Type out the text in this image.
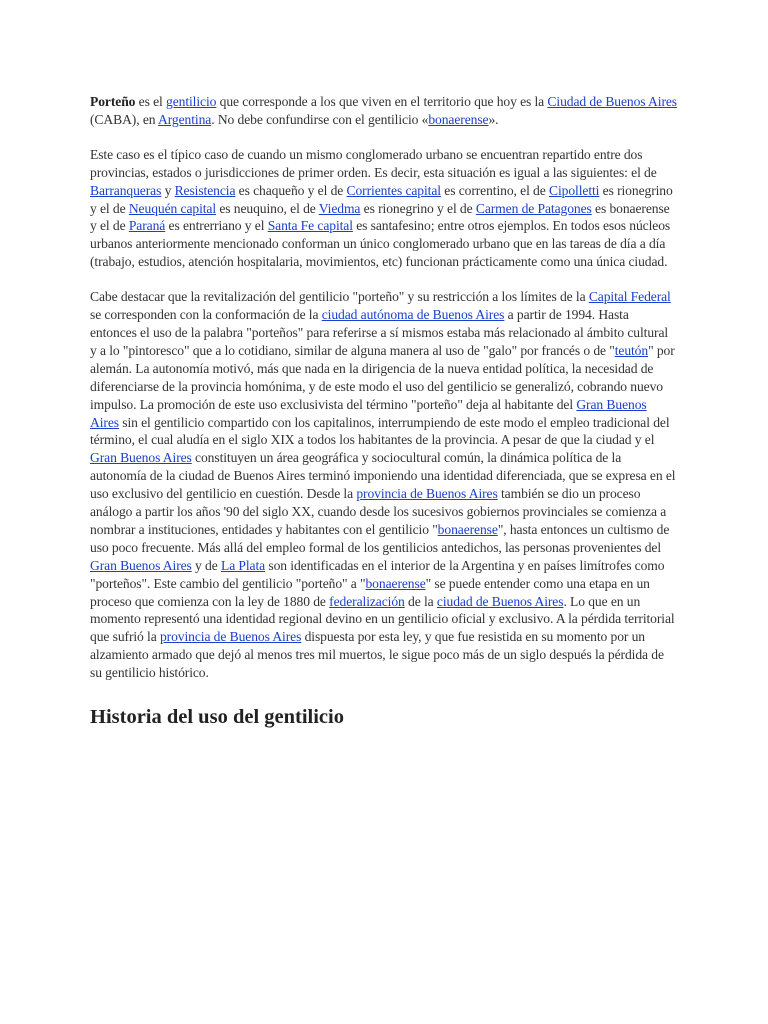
Porteño es el gentilicio que corresponde a los que viven en el territorio que hoy es la Ciudad de Buenos Aires (CABA), en Argentina. No debe confundirse con el gentilicio «bonaerense».

Este caso es el típico caso de cuando un mismo conglomerado urbano se encuentran repartido entre dos provincias, estados o jurisdicciones de primer orden. Es decir, esta situación es igual a las siguientes: el de Barranqueras y Resistencia es chaqueño y el de Corrientes capital es correntino, el de Cipolletti es rionegrino y el de Neuquén capital es neuquino, el de Viedma es rionegrino y el de Carmen de Patagones es bonaerense y el de Paraná es entrerriano y el Santa Fe capital es santafesino; entre otros ejemplos. En todos esos núcleos urbanos anteriormente mencionado conforman un único conglomerado urbano que en las tareas de día a día (trabajo, estudios, atención hospitalaria, movimientos, etc) funcionan prácticamente como una única ciudad.

Cabe destacar que la revitalización del gentilicio "porteño" y su restricción a los límites de la Capital Federal se corresponden con la conformación de la ciudad autónoma de Buenos Aires a partir de 1994. Hasta entonces el uso de la palabra "porteños" para referirse a sí mismos estaba más relacionado al ámbito cultural y a lo "pintoresco" que a lo cotidiano, similar de alguna manera al uso de "galo" por francés o de "teutón" por alemán. La autonomía motivó, más que nada en la dirigencia de la nueva entidad política, la necesidad de diferenciarse de la provincia homónima, y de este modo el uso del gentilicio se generalizó, cobrando nuevo impulso. La promoción de este uso exclusivista del término "porteño" deja al habitante del Gran Buenos Aires sin el gentilicio compartido con los capitalinos, interrumpiendo de este modo el empleo tradicional del término, el cual aludía en el siglo XIX a todos los habitantes de la provincia. A pesar de que la ciudad y el Gran Buenos Aires constituyen un área geográfica y sociocultural común, la dinámica política de la autonomía de la ciudad de Buenos Aires terminó imponiendo una identidad diferenciada, que se expresa en el uso exclusivo del gentilicio en cuestión. Desde la provincia de Buenos Aires también se dio un proceso análogo a partir los años '90 del siglo XX, cuando desde los sucesivos gobiernos provinciales se comienza a nombrar a instituciones, entidades y habitantes con el gentilicio "bonaerense", hasta entonces un cultismo de uso poco frecuente. Más allá del empleo formal de los gentilicios antedichos, las personas provenientes del Gran Buenos Aires y de La Plata son identificadas en el interior de la Argentina y en países limítrofes como "porteños". Este cambio del gentilicio "porteño" a "bonaerense" se puede entender como una etapa en un proceso que comienza con la ley de 1880 de federalización de la ciudad de Buenos Aires. Lo que en un momento representó una identidad regional devino en un gentilicio oficial y exclusivo. A la pérdida territorial que sufrió la provincia de Buenos Aires dispuesta por esta ley, y que fue resistida en su momento por un alzamiento armado que dejó al menos tres mil muertos, le sigue poco más de un siglo después la pérdida de su gentilicio histórico.

Historia del uso del gentilicio
